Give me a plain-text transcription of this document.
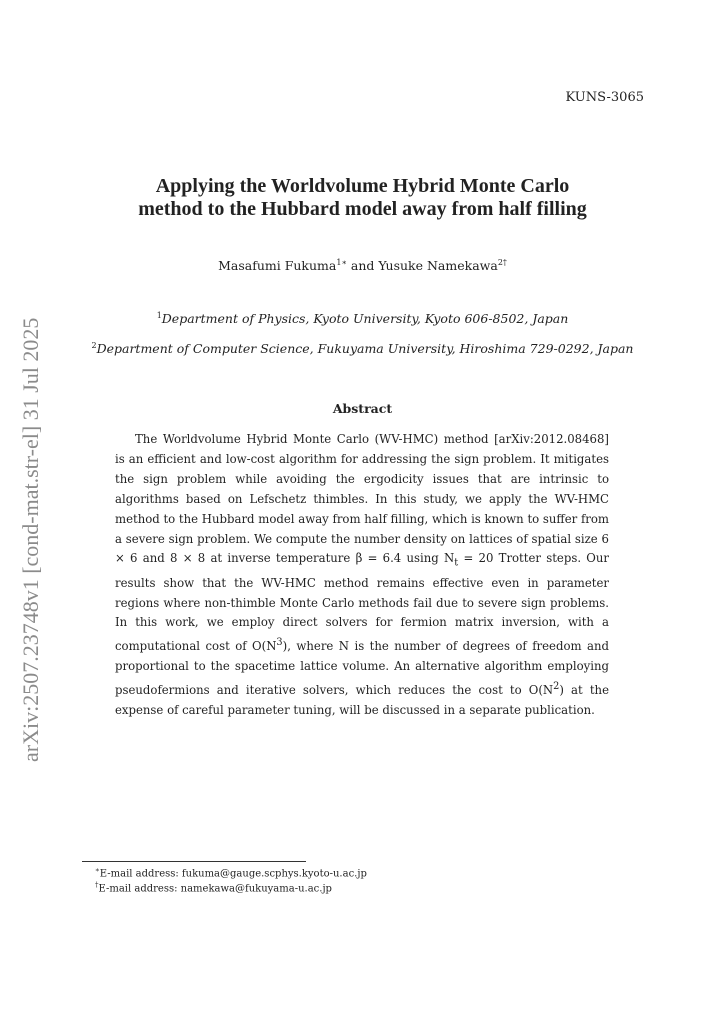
KUNS-3065
Applying the Worldvolume Hybrid Monte Carlo
method to the Hubbard model away from half filling
Masafumi Fukuma$^{1∗}$ and Yusuke Namekawa$^{2\dagger}$
$^1$Department of Physics, Kyoto University, Kyoto 606-8502, Japan
$^2$Department of Computer Science, Fukuyama University, Hiroshima 729-0292, Japan
Abstract
The Worldvolume Hybrid Monte Carlo (WV-HMC) method [arXiv:2012.08468] is an efficient and low-cost algorithm for addressing the sign problem. It mitigates the sign problem while avoiding the ergodicity issues that are intrinsic to algorithms based on Lefschetz thimbles. In this study, we apply the WV-HMC method to the Hubbard model away from half filling, which is known to suffer from a severe sign problem. We compute the number density on lattices of spatial size 6 × 6 and 8 × 8 at inverse temperature β = 6.4 using $N_t = 20$ Trotter steps. Our results show that the WV-HMC method remains effective even in parameter regions where non-thimble Monte Carlo methods fail due to severe sign problems. In this work, we employ direct solvers for fermion matrix inversion, with a computational cost of $O(N^3)$, where N is the number of degrees of freedom and proportional to the spacetime lattice volume. An alternative algorithm employing pseudofermions and iterative solvers, which reduces the cost to $O(N^2)$ at the expense of careful parameter tuning, will be discussed in a separate publication.
arXiv:2507.23748v1 [cond-mat.str-el] 31 Jul 2025
∗E-mail address: fukuma@gauge.scphys.kyoto-u.ac.jp
†E-mail address: namekawa@fukuyama-u.ac.jp
